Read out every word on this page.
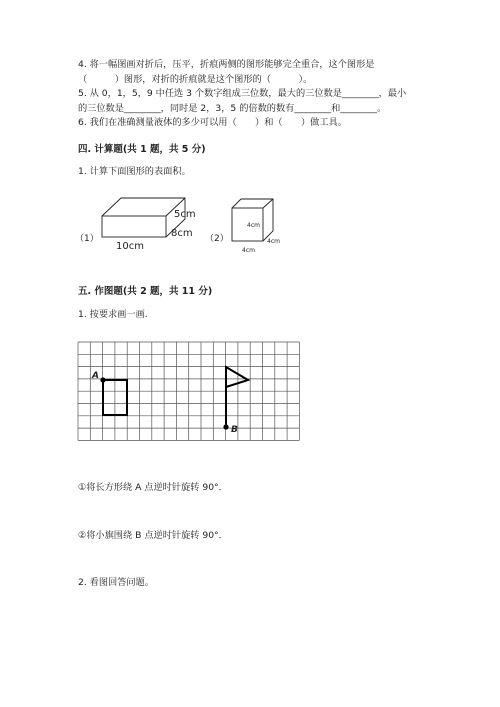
4. 将一幅图画对折后，压平，折痕两侧的图形能够完全重合，这个图形是
（　　　）图形，对折的折痕就是这个图形的（　　　）。
5. 从 0，1，5，9 中任选 3 个数字组成三位数，最大的三位数是________，最小
的三位数是________，同时是 2，3，5 的倍数的数有________和________。
6. 我们在准确测量液体的多少可以用（　　）和（　　）做工具。
四. 计算题(共 1 题，共 5 分)
1. 计算下面图形的表面积。
五. 作图题(共 2 题，共 11 分)
1. 按要求画一画.
①将长方形绕 A 点逆时针旋转 90°．
②将小旗围绕 B 点逆时针旋转 90°．
2. 看图回答问题。
（1）
10cm
8cm
5cm
（2）
4cm
4cm
4cm
A
B
